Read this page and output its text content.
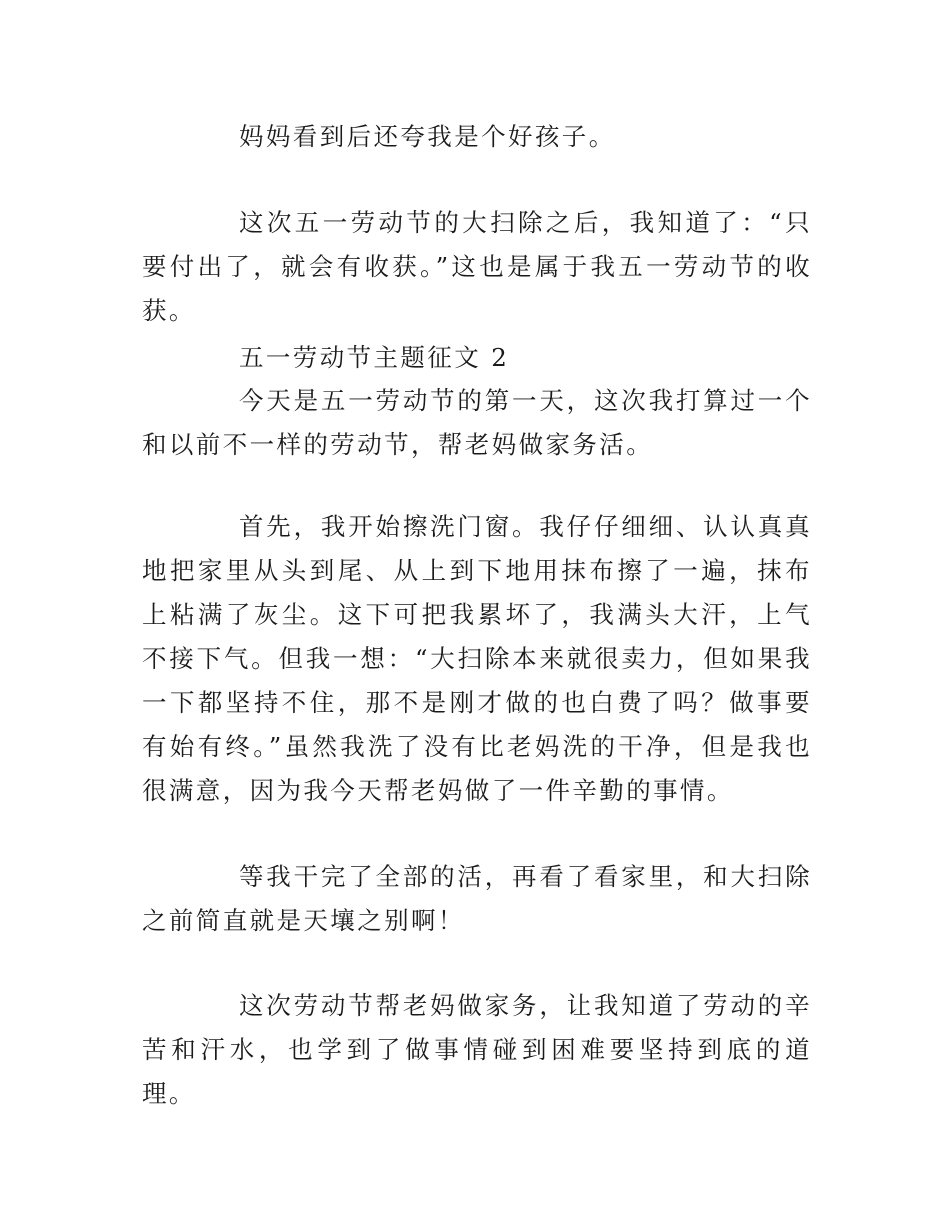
妈妈看到后还夸我是个好孩子。

这次五一劳动节的大扫除之后，我知道了：“只要付出了，就会有收获。”这也是属于我五一劳动节的收获。

五一劳动节主题征文 2

今天是五一劳动节的第一天，这次我打算过一个和以前不一样的劳动节，帮老妈做家务活。

首先，我开始擦洗门窗。我仔仔细细、认认真真地把家里从头到尾、从上到下地用抹布擦了一遍，抹布上粘满了灰尘。这下可把我累坏了，我满头大汗，上气不接下气。但我一想：“大扫除本来就很卖力，但如果我一下都坚持不住，那不是刚才做的也白费了吗？做事要有始有终。”虽然我洗了没有比老妈洗的干净，但是我也很满意，因为我今天帮老妈做了一件辛勤的事情。

等我干完了全部的活，再看了看家里，和大扫除之前简直就是天壤之别啊！

这次劳动节帮老妈做家务，让我知道了劳动的辛苦和汗水，也学到了做事情碰到困难要坚持到底的道理。
